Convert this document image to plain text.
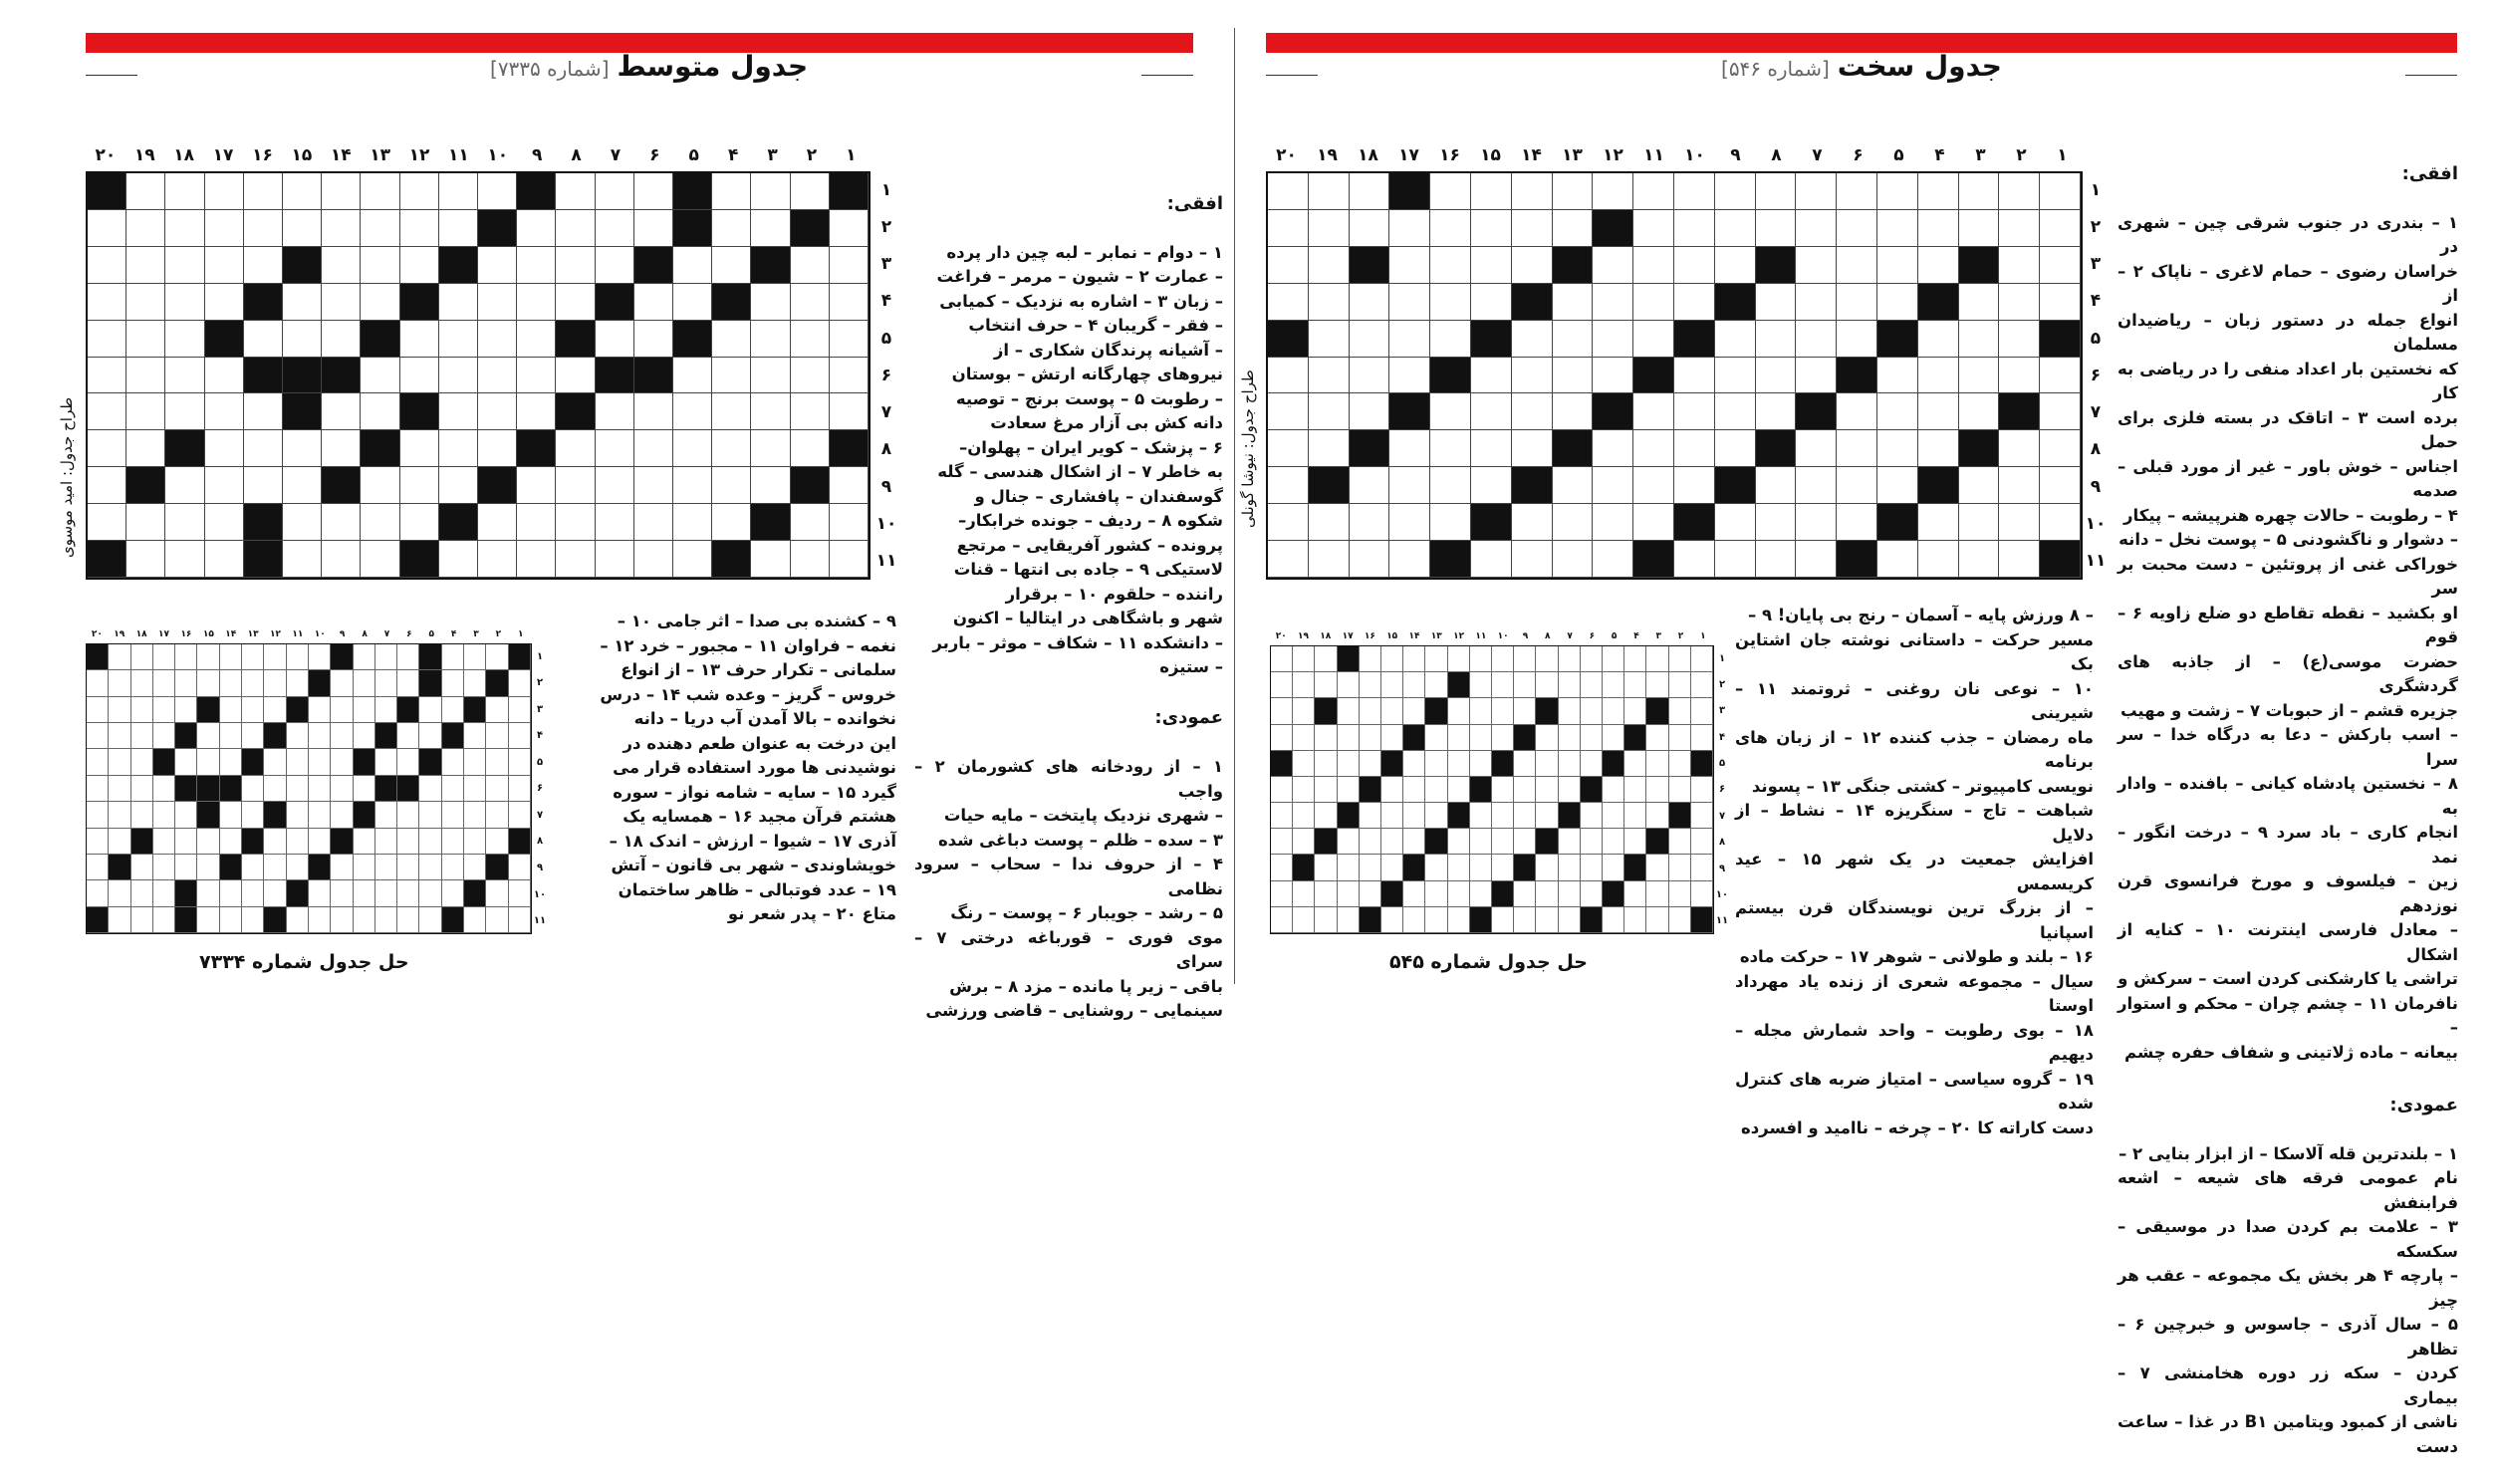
جدول سخت[شماره ۵۴۶]
جدول متوسط[شماره ۷۳۳۵]
۱
۲
۳
۴
۵
۶
۷
۸
۹
۱۰
۱۱
۱۲
۱۳
۱۴
۱۵
۱۶
۱۷
۱۸
۱۹
۲۰
۱
۲
۳
۴
۵
۶
۷
۸
۹
۱۰
۱۱
طراح جدول: نیوشا گونلی

افقی:

۱ – بندری در جنوب شرقی چین – شهری در
خراسان رضوی – حمام لاغری – ناپاک ۲ – از
انواع جمله در دستور زبان – ریاضیدان مسلمان
که نخستین بار اعداد منفی را در ریاضی به کار
برده است ۳ – اتاقک در بسته فلزی برای حمل
اجناس – خوش باور – غیر از مورد قبلی – صدمه
۴ – رطوبت – حالات چهره هنرپیشه – پیکار
– دشوار و ناگشودنی ۵ – پوست نخل – دانه
خوراکی غنی از پروتئین – دست محبت بر سر
او بکشید – نقطه تقاطع دو ضلع زاویه ۶ – قوم
حضرت موسی(ع) – از جاذبه های گردشگری
جزیره قشم – از حبوبات ۷ – زشت و مهیب
– اسب بارکش – دعا به درگاه خدا – سر سرا
۸ – نخستین پادشاه کیانی – بافنده – وادار به
انجام کاری – باد سرد ۹ – درخت انگور – نمد
زین – فیلسوف و مورخ فرانسوی قرن نوزدهم
– معادل فارسی اینترنت ۱۰ – کنایه از اشکال
تراشی یا کارشکنی کردن است – سرکش و
نافرمان ۱۱ – چشم چران – محکم و استوار –
بیعانه – ماده ژلاتینی و شفاف حفره چشم

عمودی:

۱ – بلندترین قله آلاسکا – از ابزار بنایی ۲ –
نام عمومی فرقه های شیعه – اشعه فرابنفش
۳ – علامت بم کردن صدا در موسیقی – سکسکه
– پارچه ۴ هر بخش یک مجموعه – عقب هر چیز
۵ – سال آذری – جاسوس و خبرچین ۶ – تظاهر
کردن – سکه زر دوره هخامنشی ۷ – بیماری
ناشی از کمبود ویتامین B۱ در غذا – ساعت دست

– ۸ ورزش پایه – آسمان – رنج بی پایان! ۹ –
مسیر حرکت – داستانی نوشته جان اشتاین بک
۱۰ – نوعی نان روغنی – ثروتمند ۱۱ – شیرینی
ماه رمضان – جذب کننده ۱۲ – از زبان های برنامه
نویسی کامپیوتر – کشتی جنگی ۱۳ – پسوند
شباهت – تاج – سنگریزه ۱۴ – نشاط – از دلایل
افزایش جمعیت در یک شهر ۱۵ – عید کریسمس
– از بزرگ ترین نویسندگان قرن بیستم اسپانیا
۱۶ – بلند و طولانی – شوهر ۱۷ – حرکت ماده
سیال – مجموعه شعری از زنده یاد مهرداد اوستا
۱۸ – بوی رطوبت – واحد شمارش مجله – دیهیم
۱۹ – گروه سیاسی – امتیاز ضربه های کنترل شده
دست کاراته کا ۲۰ – چرخه – ناامید و افسرده
۱
۲
۳
۴
۵
۶
۷
۸
۹
۱۰
۱۱
۱۲
۱۳
۱۴
۱۵
۱۶
۱۷
۱۸
۱۹
۲۰
۱
۲
۳
۴
۵
۶
۷
۸
۹
۱۰
۱۱
حل جدول شماره ۵۴۵
۱
۲
۳
۴
۵
۶
۷
۸
۹
۱۰
۱۱
۱۲
۱۳
۱۴
۱۵
۱۶
۱۷
۱۸
۱۹
۲۰
۱
۲
۳
۴
۵
۶
۷
۸
۹
۱۰
۱۱
طراح جدول: امید موسوی

افقی:

۱ – دوام – نمابر – لبه چین دار پرده
– عمارت ۲ – شیون – مرمر – فراغت
– زبان ۳ – اشاره به نزدیک – کمیابی
– فقر – گریبان ۴ – حرف انتخاب
– آشیانه پرندگان شکاری – از
نیروهای چهارگانه ارتش – بوستان
– رطوبت ۵ – پوست برنج – توصیه
دانه کش بی آزار مرغ سعادت
۶ – پزشک – کویر ایران – پهلوان–
به خاطر ۷ – از اشکال هندسی – گله
گوسفندان – پافشاری – جنال و
شکوه ۸ – ردیف – جونده خرابکار–
پرونده – کشور آفریقایی – مرتجع
لاستیکی ۹ – جاده بی انتها – قنات
راننده – حلقوم ۱۰ – برقرار
شهر و باشگاهی در ایتالیا – اکنون
– دانشکده ۱۱ – شکاف – موثر – باربر
– ستیزه

عمودی:

۱ – از رودخانه های کشورمان ۲ – واجب
– شهری نزدیک پایتخت – مایه حیات
۳ – سده – ظلم – پوست دباغی شده
۴ – از حروف ندا – سحاب – سرود نظامی
۵ – رشد – جویبار ۶ – پوست – رنگ
موی فوری – قورباغه درختی ۷ – سرای
باقی – زیر پا مانده – مزد ۸ – برش
سینمایی – روشنایی – قاضی ورزشی

۹ – کشنده بی صدا – اثر جامی ۱۰ –
نغمه – فراوان ۱۱ – مجبور – خرد ۱۲ –
سلمانی – تکرار حرف ۱۳ – از انواع
خروس – گریز – وعده شب ۱۴ – درس
نخوانده – بالا آمدن آب دریا – دانه
این درخت به عنوان طعم دهنده در
نوشیدنی ها مورد استفاده قرار می
گیرد ۱۵ – سایه – شامه نواز – سوره
هشتم قرآن مجید ۱۶ – همسایه یک
آذری ۱۷ – شیوا – ارزش – اندک ۱۸ –
خویشاوندی – شهر بی قانون – آتش
۱۹ – عدد فوتبالی – ظاهر ساختمان
متاع ۲۰ – پدر شعر نو
۱
۲
۳
۴
۵
۶
۷
۸
۹
۱۰
۱۱
۱۲
۱۳
۱۴
۱۵
۱۶
۱۷
۱۸
۱۹
۲۰
۱
۲
۳
۴
۵
۶
۷
۸
۹
۱۰
۱۱
حل جدول شماره ۷۳۳۴
